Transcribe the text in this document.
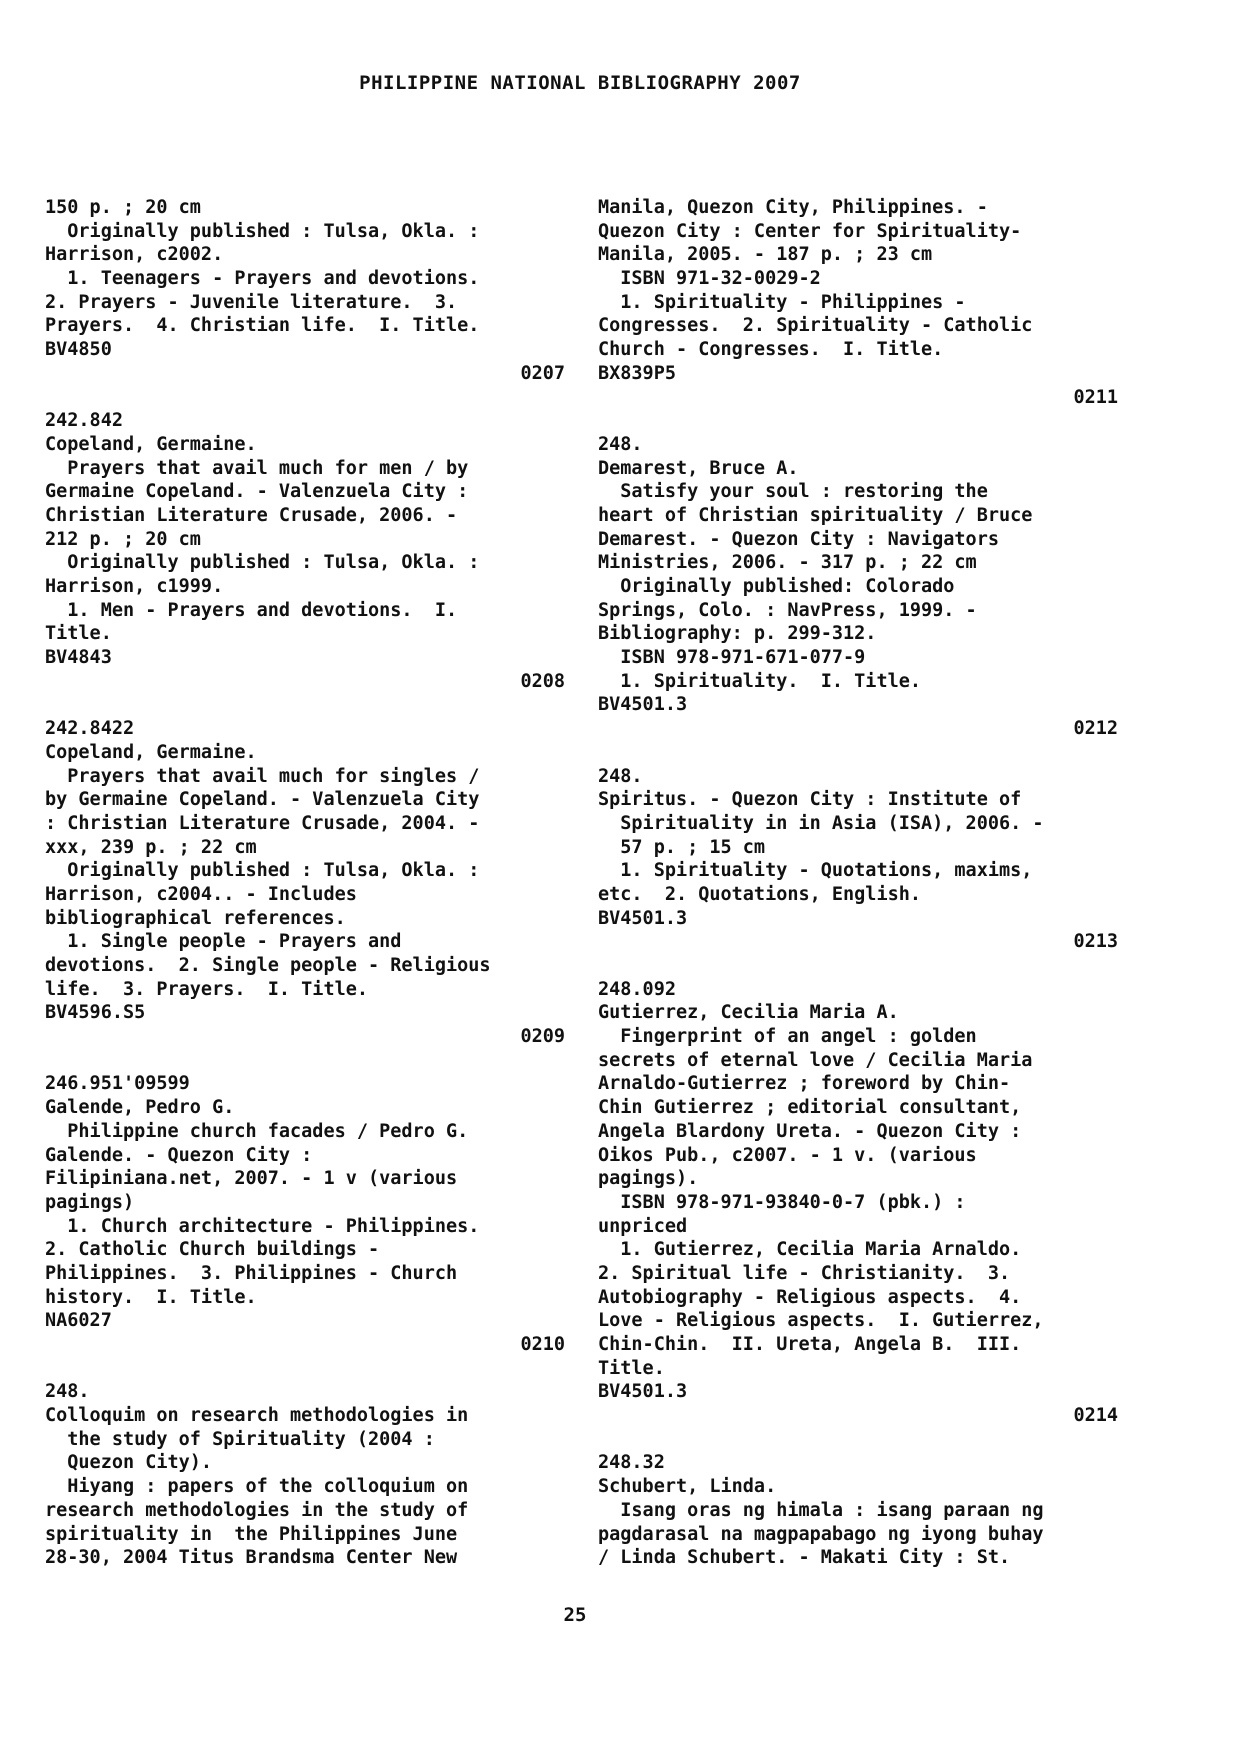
PHILIPPINE NATIONAL BIBLIOGRAPHY 2007
150 p. ; 20 cm
Originally published : Tulsa, Okla. :
Harrison, c2002.
1. Teenagers - Prayers and devotions.
2. Prayers - Juvenile literature.  3.
Prayers.  4. Christian life.  I. Title.
BV4850
0207
242.842
Copeland, Germaine.
Prayers that avail much for men / by
Germaine Copeland. - Valenzuela City :
Christian Literature Crusade, 2006. -
212 p. ; 20 cm
Originally published : Tulsa, Okla. :
Harrison, c1999.
1. Men - Prayers and devotions.  I.
Title.
BV4843
0208
242.8422
Copeland, Germaine.
Prayers that avail much for singles /
by Germaine Copeland. - Valenzuela City
: Christian Literature Crusade, 2004. -
xxx, 239 p. ; 22 cm
Originally published : Tulsa, Okla. :
Harrison, c2004.. - Includes
bibliographical references.
1. Single people - Prayers and
devotions.  2. Single people - Religious
life.  3. Prayers.  I. Title.
BV4596.S5
0209
246.951'09599
Galende, Pedro G.
Philippine church facades / Pedro G.
Galende. - Quezon City :
Filipiniana.net, 2007. - 1 v (various
pagings)
1. Church architecture - Philippines.
2. Catholic Church buildings -
Philippines.  3. Philippines - Church
history.  I. Title.
NA6027
0210
248.
Colloquim on research methodologies in
the study of Spirituality (2004 :
Quezon City).
Hiyang : papers of the colloquium on
research methodologies in the study of
spirituality in  the Philippines June
28-30, 2004 Titus Brandsma Center New
Manila, Quezon City, Philippines. -
Quezon City : Center for Spirituality-
Manila, 2005. - 187 p. ; 23 cm
ISBN 971-32-0029-2
1. Spirituality - Philippines -
Congresses.  2. Spirituality - Catholic
Church - Congresses.  I. Title.
BX839P5
0211
248.
Demarest, Bruce A.
Satisfy your soul : restoring the
heart of Christian spirituality / Bruce
Demarest. - Quezon City : Navigators
Ministries, 2006. - 317 p. ; 22 cm
Originally published: Colorado
Springs, Colo. : NavPress, 1999. -
Bibliography: p. 299-312.
ISBN 978-971-671-077-9
1. Spirituality.  I. Title.
BV4501.3
0212
248.
Spiritus. - Quezon City : Institute of
Spirituality in in Asia (ISA), 2006. -
57 p. ; 15 cm
1. Spirituality - Quotations, maxims,
etc.  2. Quotations, English.
BV4501.3
0213
248.092
Gutierrez, Cecilia Maria A.
Fingerprint of an angel : golden
secrets of eternal love / Cecilia Maria
Arnaldo-Gutierrez ; foreword by Chin-
Chin Gutierrez ; editorial consultant,
Angela Blardony Ureta. - Quezon City :
Oikos Pub., c2007. - 1 v. (various
pagings).
ISBN 978-971-93840-0-7 (pbk.) :
unpriced
1. Gutierrez, Cecilia Maria Arnaldo.
2. Spiritual life - Christianity.  3.
Autobiography - Religious aspects.  4.
Love - Religious aspects.  I. Gutierrez,
Chin-Chin.  II. Ureta, Angela B.  III.
Title.
BV4501.3
0214
248.32
Schubert, Linda.
Isang oras ng himala : isang paraan ng
pagdarasal na magpapabago ng iyong buhay
/ Linda Schubert. - Makati City : St.
25
